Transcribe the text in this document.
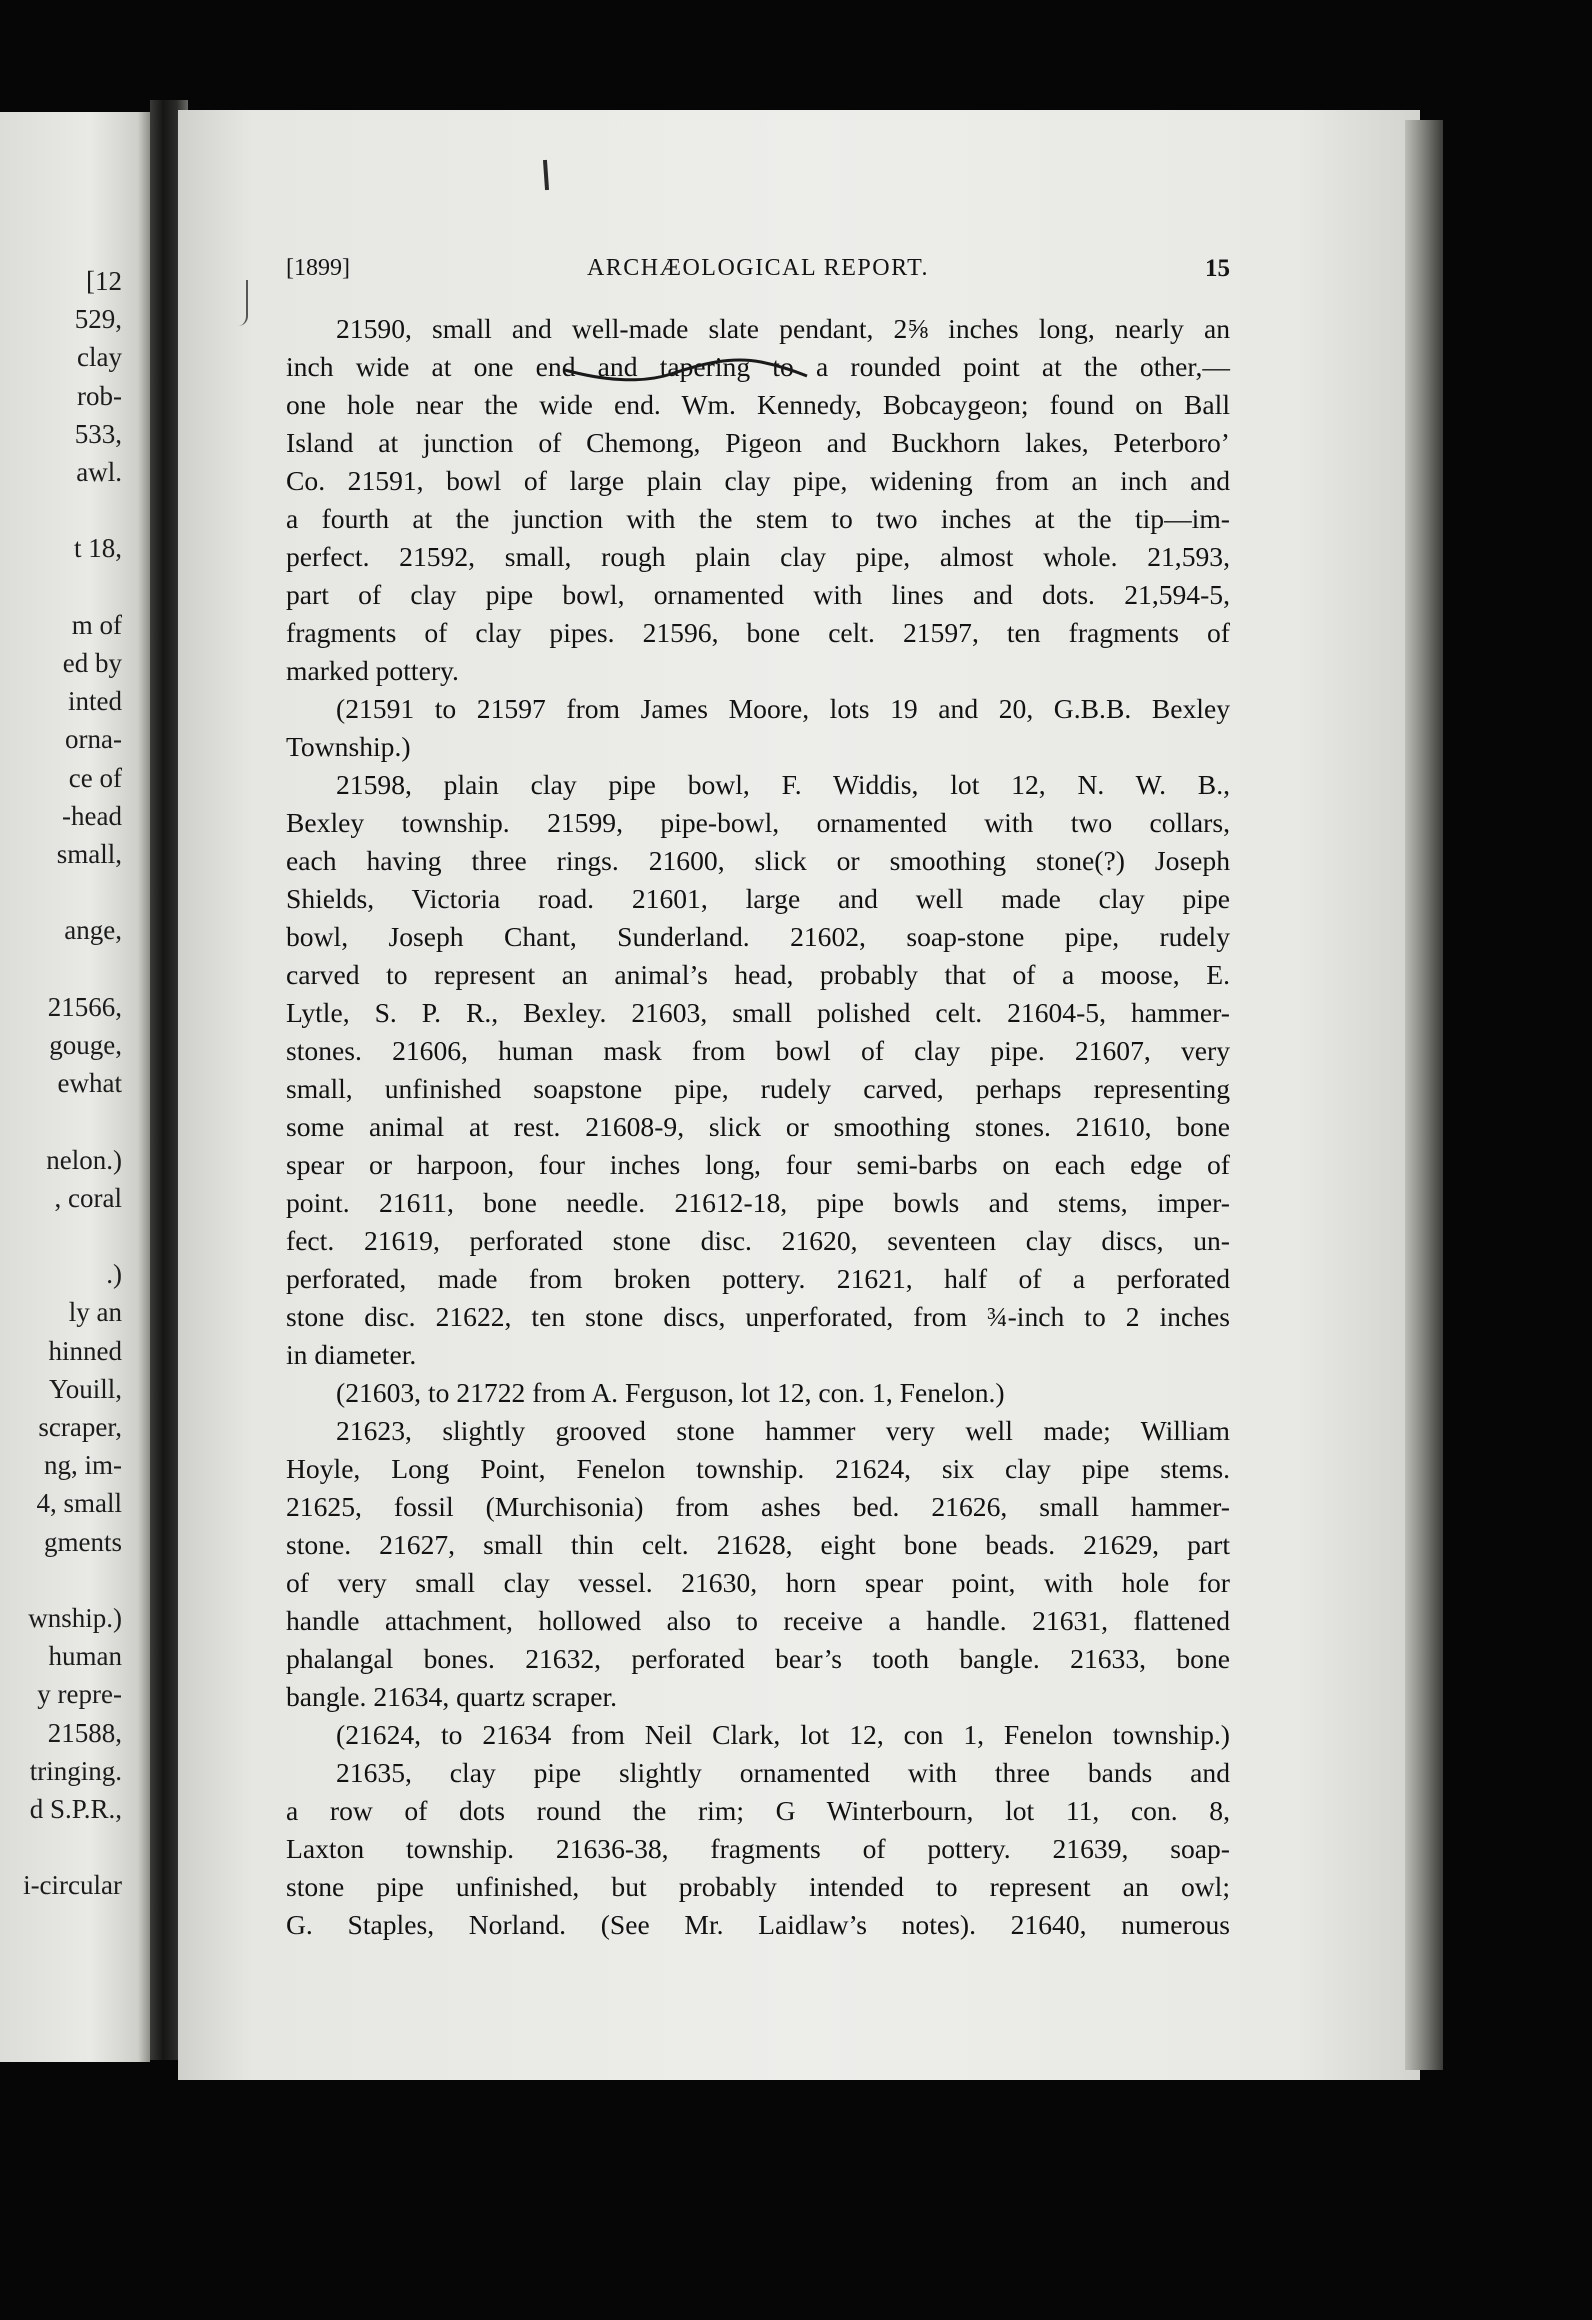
[12
529,
clay
rob-
533,
awl.
t 18,
m of
ed by
inted
orna-
ce of
-head
small,
ange,
21566,
gouge,
ewhat
nelon.)
, coral
.)
ly an
hinned
Youill,
scraper,
ng, im-
4, small
gments
wnship.)
human
y repre-
21588,
tringing.
d S.P.R.,
i-circular
[1899]	ARCHÆOLOGICAL REPORT.	15
21590, small and well-made slate pendant, 2⅝ inches long, nearly an
inch wide at one end and tapering to a rounded point at the other,—
one hole near the wide end. Wm. Kennedy, Bobcaygeon; found on Ball
Island at junction of Chemong, Pigeon and Buckhorn lakes, Peterboro’
Co. 21591, bowl of large plain clay pipe, widening from an inch and
a fourth at the junction with the stem to two inches at the tip—im-
perfect. 21592, small, rough plain clay pipe, almost whole. 21,593,
part of clay pipe bowl, ornamented with lines and dots. 21,594-5,
fragments of clay pipes. 21596, bone celt. 21597, ten fragments of
marked pottery.
(21591 to 21597 from James Moore, lots 19 and 20, G.B.B. Bexley
Township.)
21598, plain clay pipe bowl, F. Widdis, lot 12, N. W. B.,
Bexley township. 21599, pipe-bowl, ornamented with two collars,
each having three rings. 21600, slick or smoothing stone(?) Joseph
Shields, Victoria road. 21601, large and well made clay pipe
bowl, Joseph Chant, Sunderland. 21602, soap-stone pipe, rudely
carved to represent an animal’s head, probably that of a moose, E.
Lytle, S. P. R., Bexley. 21603, small polished celt. 21604-5, hammer-
stones. 21606, human mask from bowl of clay pipe. 21607, very
small, unfinished soapstone pipe, rudely carved, perhaps representing
some animal at rest. 21608-9, slick or smoothing stones. 21610, bone
spear or harpoon, four inches long, four semi-barbs on each edge of
point. 21611, bone needle. 21612-18, pipe bowls and stems, imper-
fect. 21619, perforated stone disc. 21620, seventeen clay discs, un-
perforated, made from broken pottery. 21621, half of a perforated
stone disc. 21622, ten stone discs, unperforated, from ¾-inch to 2 inches
in diameter.
(21603, to 21722 from A. Ferguson, lot 12, con. 1, Fenelon.)
21623, slightly grooved stone hammer very well made; William
Hoyle, Long Point, Fenelon township. 21624, six clay pipe stems.
21625, fossil (Murchisonia) from ashes bed. 21626, small hammer-
stone. 21627, small thin celt. 21628, eight bone beads. 21629, part
of very small clay vessel. 21630, horn spear point, with hole for
handle attachment, hollowed also to receive a handle. 21631, flattened
phalangal bones. 21632, perforated bear’s tooth bangle. 21633, bone
bangle. 21634, quartz scraper.
(21624, to 21634 from Neil Clark, lot 12, con 1, Fenelon township.)
21635, clay pipe slightly ornamented with three bands and
a row of dots round the rim; G Winterbourn, lot 11, con. 8,
Laxton township. 21636-38, fragments of pottery. 21639, soap-
stone pipe unfinished, but probably intended to represent an owl;
G. Staples, Norland. (See Mr. Laidlaw’s notes). 21640, numerous
